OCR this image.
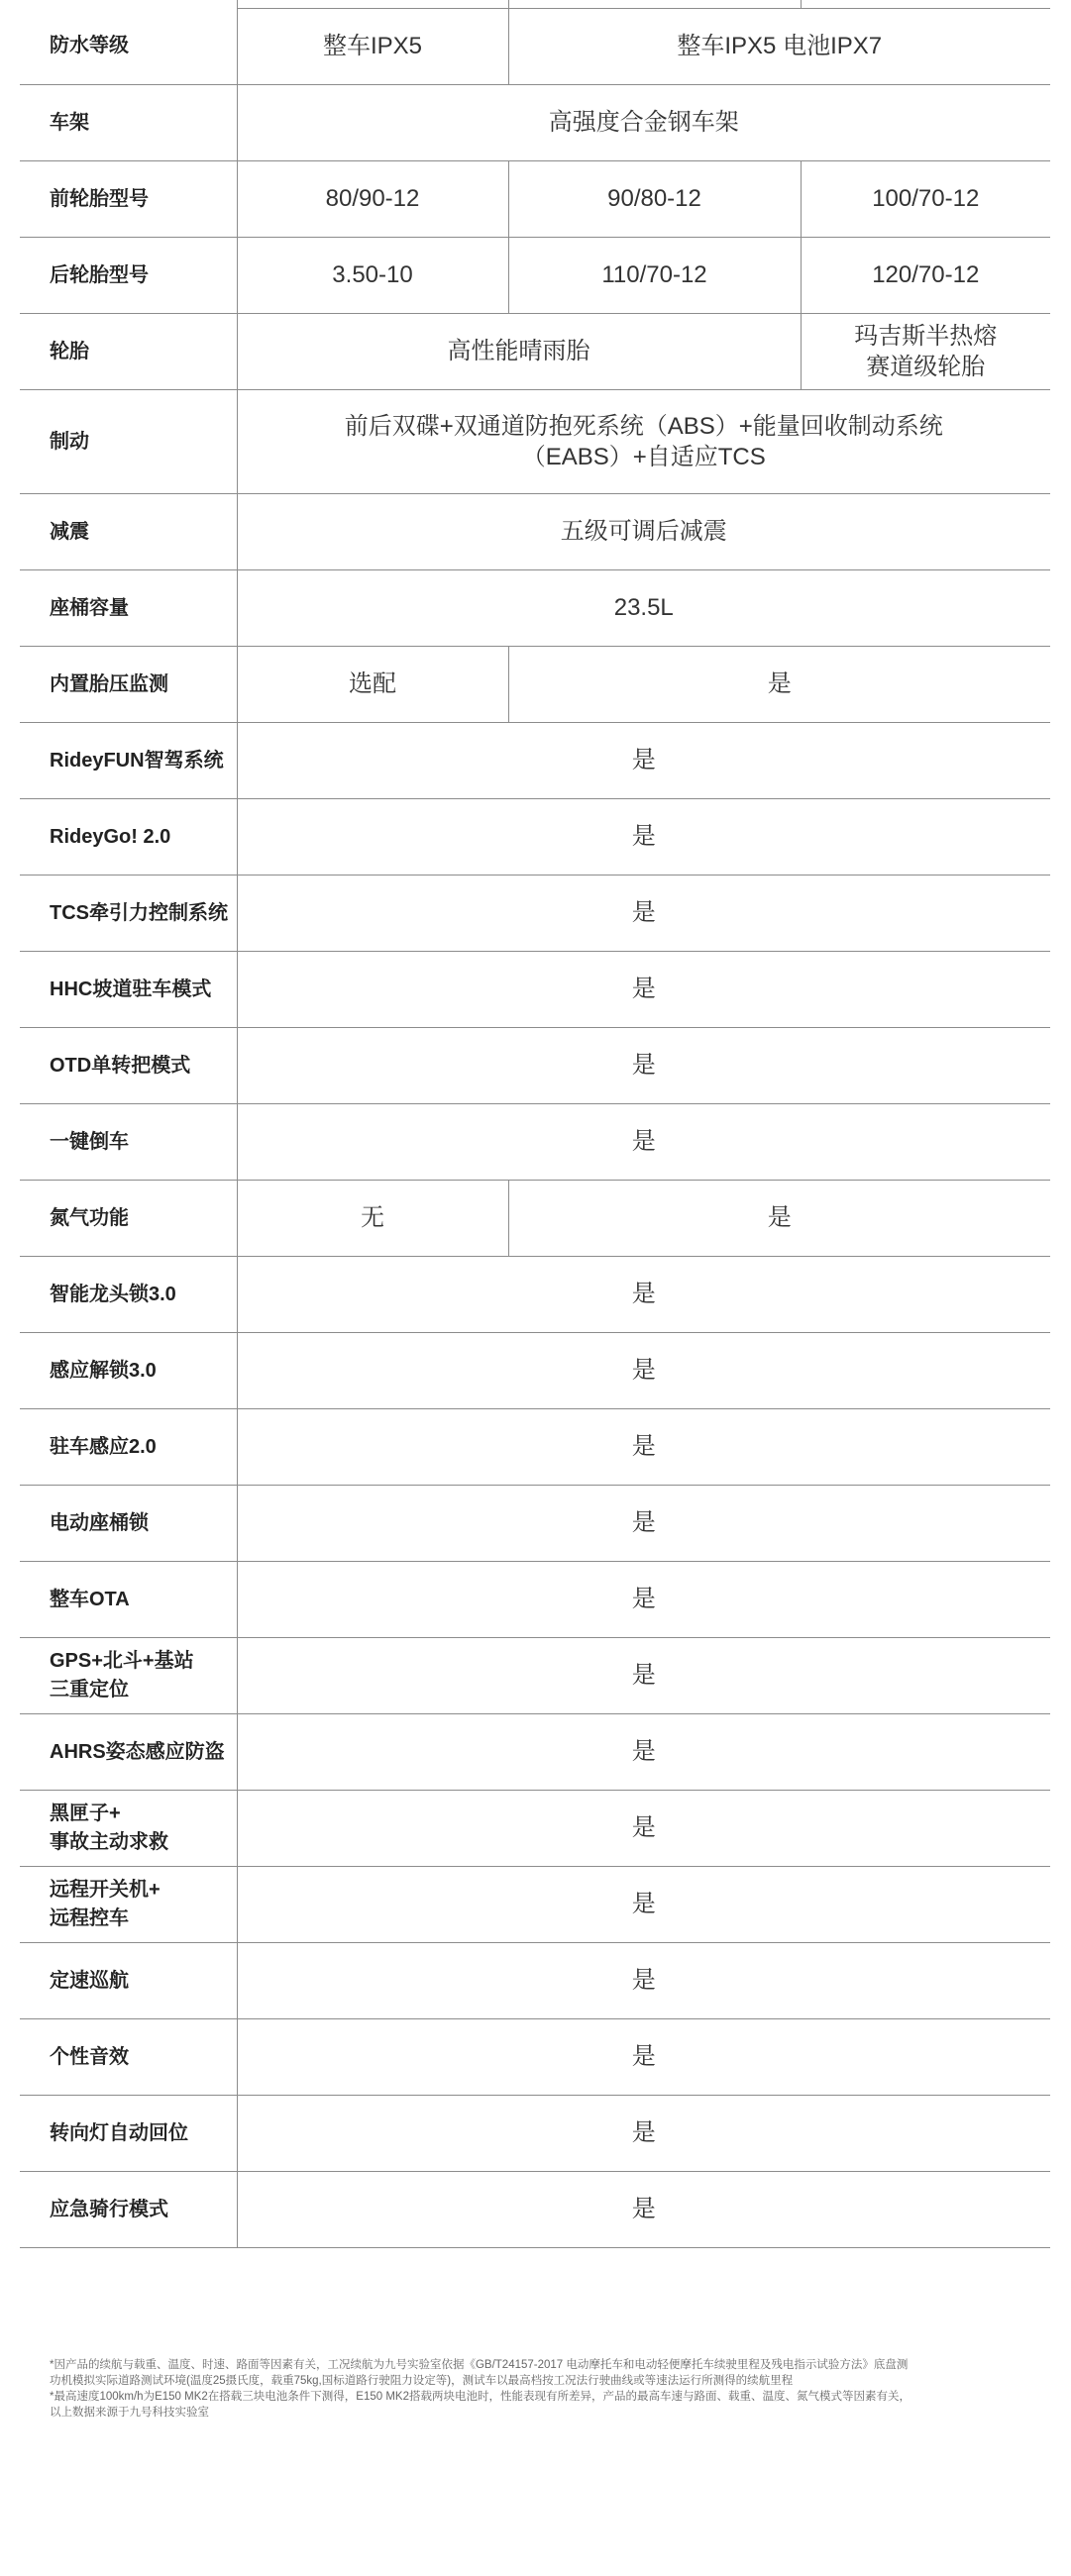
防水等级	整车IPX5	整车IPX5 电池IPX7	
车架	高强度合金钢车架		
前轮胎型号	80/90-12	90/80-12	100/70-12
后轮胎型号	3.50-10	110/70-12	120/70-12
轮胎	高性能晴雨胎		玛吉斯半热熔
赛道级轮胎
制动	前后双碟+双通道防抱死系统（ABS）+能量回收制动系统
（EABS）+自适应TCS		
减震	五级可调后减震		
座桶容量	23.5L		
内置胎压监测	选配	是	
RideyFUN智驾系统	是		
RideyGo! 2.0	是		
TCS牵引力控制系统	是		
HHC坡道驻车模式	是		
OTD单转把模式	是		
一键倒车	是		
氮气功能	无	是	
智能龙头锁3.0	是		
感应解锁3.0	是		
驻车感应2.0	是		
电动座桶锁	是		
整车OTA	是		
GPS+北斗+基站
三重定位	是		
AHRS姿态感应防盗	是		
黑匣子+
事故主动求救	是		
远程开关机+
远程控车	是		
定速巡航	是		
个性音效	是		
转向灯自动回位	是		
应急骑行模式	是		

*因产品的续航与载重、温度、时速、路面等因素有关，工况续航为九号实验室依据《GB/T24157-2017 电动摩托车和电动轻便摩托车续驶里程及残电指示试验方法》底盘测

功机模拟实际道路测试环境(温度25摄氏度，载重75kg,国标道路行驶阻力设定等)，测试车以最高档按工况法行驶曲线或等速法运行所测得的续航里程

*最高速度100km/h为E150 MK2在搭载三块电池条件下测得，E150 MK2搭载两块电池时，性能表现有所差异，产品的最高车速与路面、载重、温度、氮气模式等因素有关，

以上数据来源于九号科技实验室
